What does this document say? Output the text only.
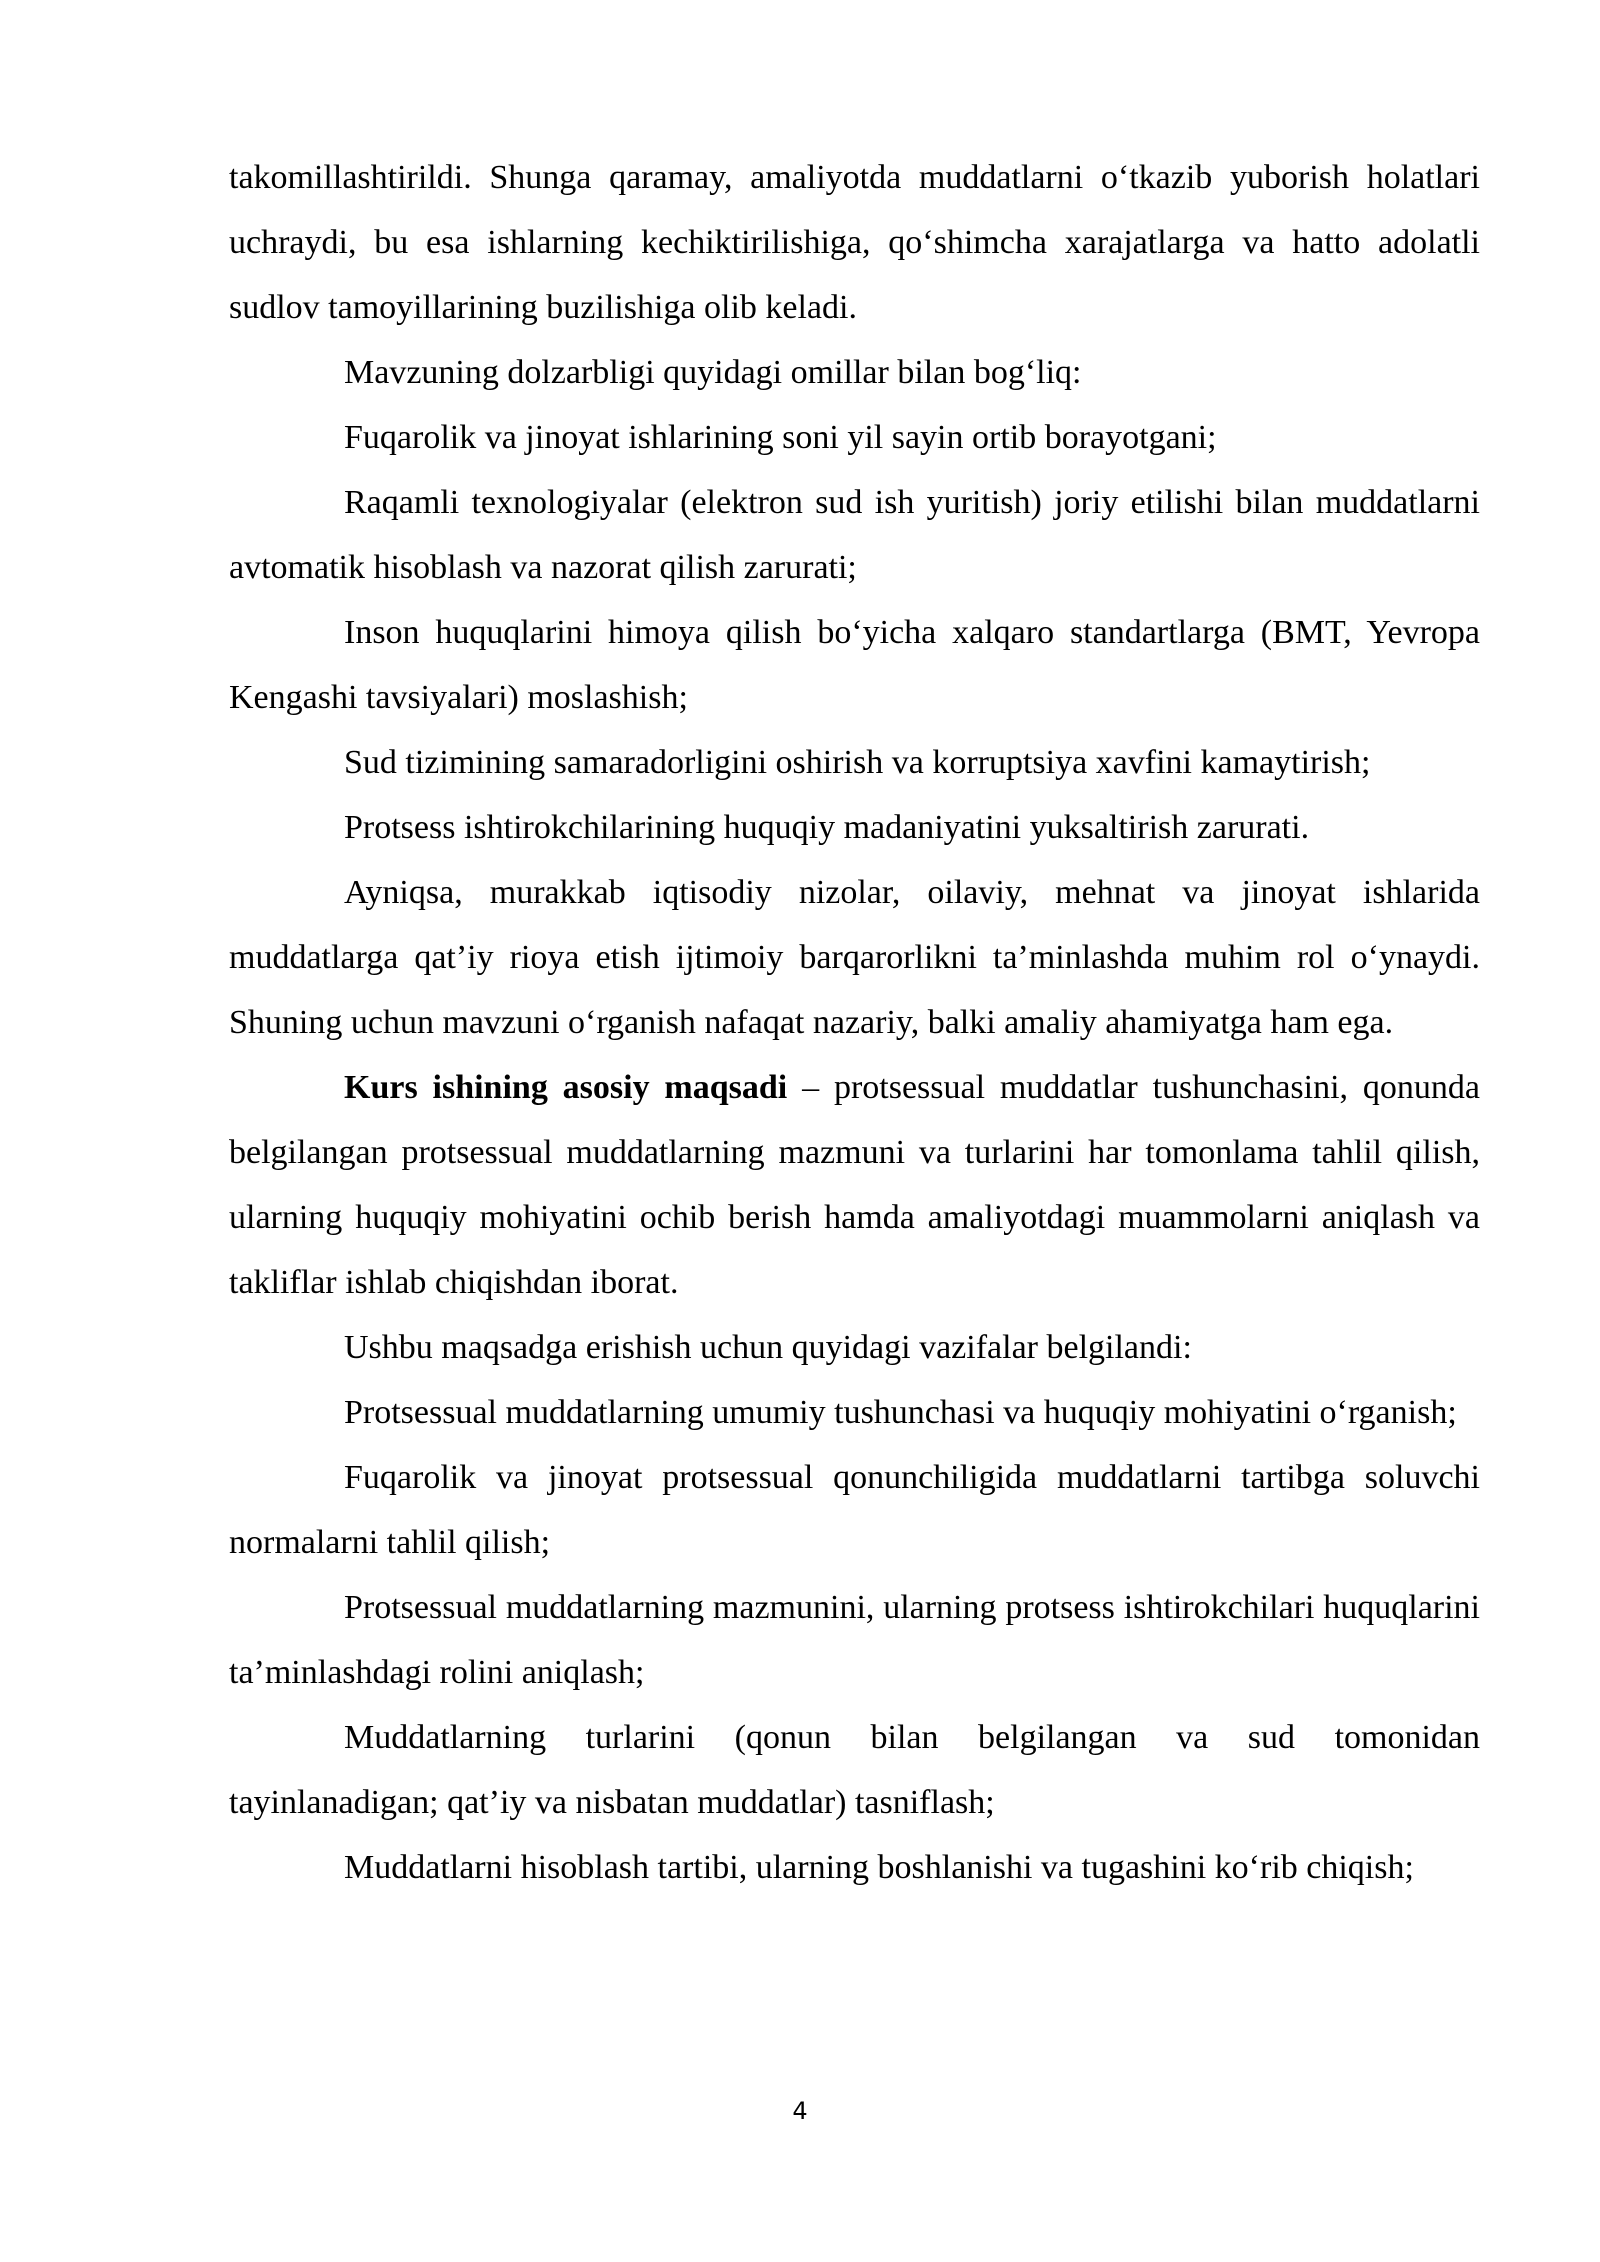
takomillashtirildi. Shunga qaramay, amaliyotda muddatlarni o‘tkazib yuborish holatlari uchraydi, bu esa ishlarning kechiktirilishiga, qo‘shimcha xarajatlarga va hatto adolatli sudlov tamoyillarining buzilishiga olib keladi.

Mavzuning dolzarbligi quyidagi omillar bilan bog‘liq:

Fuqarolik va jinoyat ishlarining soni yil sayin ortib borayotgani;

Raqamli texnologiyalar (elektron sud ish yuritish) joriy etilishi bilan muddatlarni avtomatik hisoblash va nazorat qilish zarurati;

Inson huquqlarini himoya qilish bo‘yicha xalqaro standartlarga (BMT, Yevropa Kengashi tavsiyalari) moslashish;

Sud tizimining samaradorligini oshirish va korruptsiya xavfini kamaytirish;

Protsess ishtirokchilarining huquqiy madaniyatini yuksaltirish zarurati.

Ayniqsa, murakkab iqtisodiy nizolar, oilaviy, mehnat va jinoyat ishlarida muddatlarga qat’iy rioya etish ijtimoiy barqarorlikni ta’minlashda muhim rol o‘ynaydi. Shuning uchun mavzuni o‘rganish nafaqat nazariy, balki amaliy ahamiyatga ham ega.

Kurs ishining asosiy maqsadi – protsessual muddatlar tushunchasini, qonunda belgilangan protsessual muddatlarning mazmuni va turlarini har tomonlama tahlil qilish, ularning huquqiy mohiyatini ochib berish hamda amaliyotdagi muammolarni aniqlash va takliflar ishlab chiqishdan iborat.

Ushbu maqsadga erishish uchun quyidagi vazifalar belgilandi:

Protsessual muddatlarning umumiy tushunchasi va huquqiy mohiyatini o‘rganish;

Fuqarolik va jinoyat protsessual qonunchiligida muddatlarni tartibga soluvchi normalarni tahlil qilish;

Protsessual muddatlarning mazmunini, ularning protsess ishtirokchilari huquqlarini ta’minlashdagi rolini aniqlash;

Muddatlarning turlarini (qonun bilan belgilangan va sud tomonidan tayinlanadigan; qat’iy va nisbatan muddatlar) tasniflash;

Muddatlarni hisoblash tartibi, ularning boshlanishi va tugashini ko‘rib chiqish;

4
